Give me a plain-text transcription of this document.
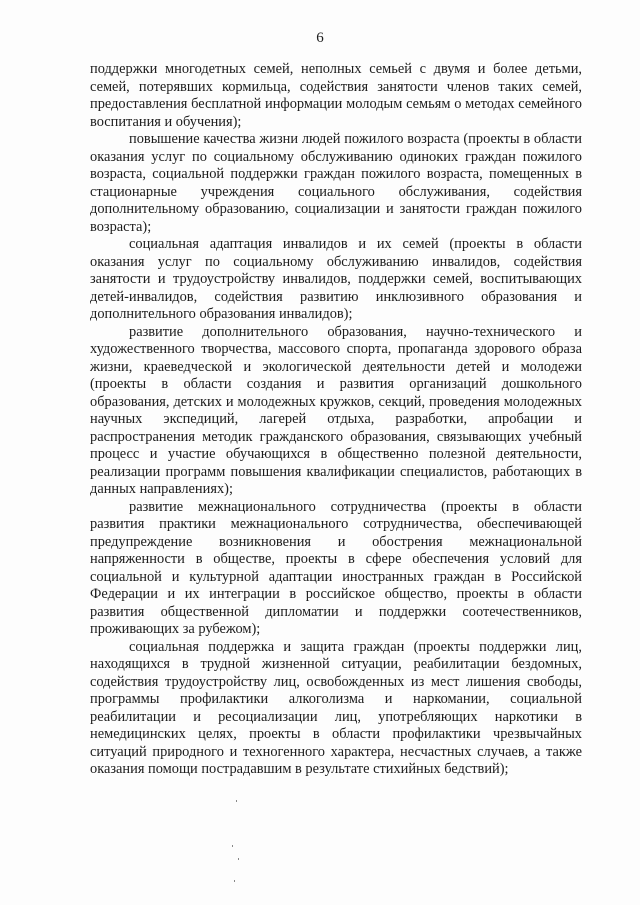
6

поддержки многодетных семей, неполных семьей с двумя и более детьми, семей, потерявших кормильца, содействия занятости членов таких семей, предоставления бесплатной информации молодым семьям о методах семейного воспитания и обучения);

повышение качества жизни людей пожилого возраста (проекты в области оказания услуг по социальному обслуживанию одиноких граждан пожилого возраста, социальной поддержки граждан пожилого возраста, помещенных в стационарные учреждения социального обслуживания, содействия дополнительному образованию, социализации и занятости граждан пожилого возраста);

социальная адаптация инвалидов и их семей (проекты в области оказания услуг по социальному обслуживанию инвалидов, содействия занятости и трудоустройству инвалидов, поддержки семей, воспитывающих детей-инвалидов, содействия развитию инклюзивного образования и дополнительного образования инвалидов);

развитие дополнительного образования, научно-технического и художественного творчества, массового спорта, пропаганда здорового образа жизни, краеведческой и экологической деятельности детей и молодежи (проекты в области создания и развития организаций дошкольного образования, детских и молодежных кружков, секций, проведения молодежных научных экспедиций, лагерей отдыха, разработки, апробации и распространения методик гражданского образования, связывающих учебный процесс и участие обучающихся в общественно полезной деятельности, реализации программ повышения квалификации специалистов, работающих в данных направлениях);

развитие межнационального сотрудничества (проекты в области развития практики межнационального сотрудничества, обеспечивающей предупреждение возникновения и обострения межнациональной напряженности в обществе, проекты в сфере обеспечения условий для социальной и культурной адаптации иностранных граждан в Российской Федерации и их интеграции в российское общество, проекты в области развития общественной дипломатии и поддержки соотечественников, проживающих за рубежом);

социальная поддержка и защита граждан (проекты поддержки лиц, находящихся в трудной жизненной ситуации, реабилитации бездомных, содействия трудоустройству лиц, освобожденных из мест лишения свободы, программы профилактики алкоголизма и наркомании, социальной реабилитации и ресоциализации лиц, употребляющих наркотики в немедицинских целях, проекты в области профилактики чрезвычайных ситуаций природного и техногенного характера, несчастных случаев, а также оказания помощи пострадавшим в результате стихийных бедствий);
